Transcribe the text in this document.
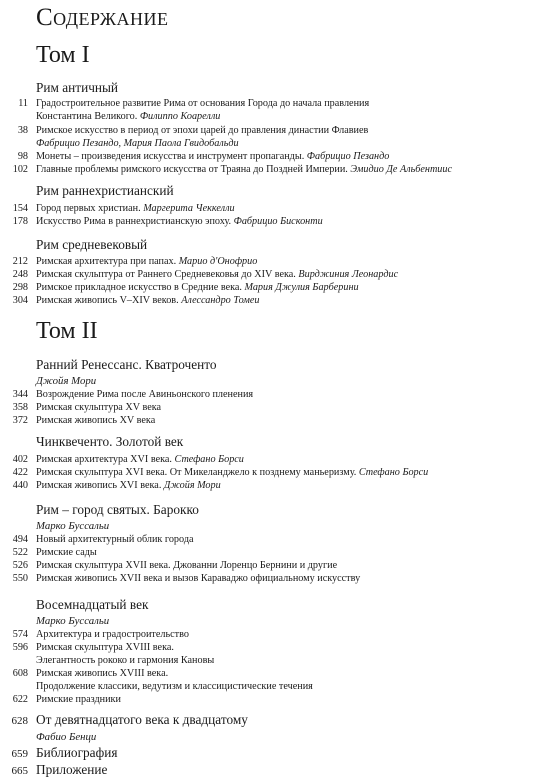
Содержание
Том I
Рим античный
11 Градостроительное развитие Рима от основания Города до начала правления
Константина Великого. Филиппо Коарелли
38 Римское искусство в период от эпохи царей до правления династии Флавиев
Фабрицио Пезандо, Мария Паола Гвидобальди
98 Монеты – произведения искусства и инструмент пропаганды. Фабрицио Пезандо
102 Главные проблемы римского искусства от Траяна до Поздней Империи. Эмидио Де Альбентиис
Рим раннехристианский
154 Город первых христиан. Маргерита Чеккелли
178 Искусство Рима в раннехристианскую эпоху. Фабрицио Бисконти
Рим средневековый
212 Римская архитектура при папах. Марио д'Онофрио
248 Римская скульптура от Раннего Средневековья до XIV века. Вирджиния Леонардис
298 Римское прикладное искусство в Средние века. Мария Джулия Барберини
304 Римская живопись V–XIV веков. Алессандро Томеи
Том II
Ранний Ренессанс. Кватроченто
Джойя Мори
344 Возрождение Рима после Авиньонского пленения
358 Римская скульптура XV века
372 Римская живопись XV века
Чинквеченто. Золотой век
402 Римская архитектура XVI века. Стефано Борси
422 Римская скульптура XVI века. От Микеланджело к позднему маньеризму. Стефано Борси
440 Римская живопись XVI века. Джойя Мори
Рим – город святых. Барокко
Марко Буссальи
494 Новый архитектурный облик города
522 Римские сады
526 Римская скульптура XVII века. Джованни Лоренцо Бернини и другие
550 Римская живопись XVII века и вызов Караваджо официальному искусству
Восемнадцатый век
Марко Буссальи
574 Архитектура и градостроительство
596 Римская скульптура XVIII века.
Элегантность рококо и гармония Кановы
608 Римская живопись XVIII века.
Продолжение классики, ведутизм и классицистические течения
622 Римские праздники
628 От девятнадцатого века к двадцатому
Фабио Бенци
659 Библиография
665 Приложение
